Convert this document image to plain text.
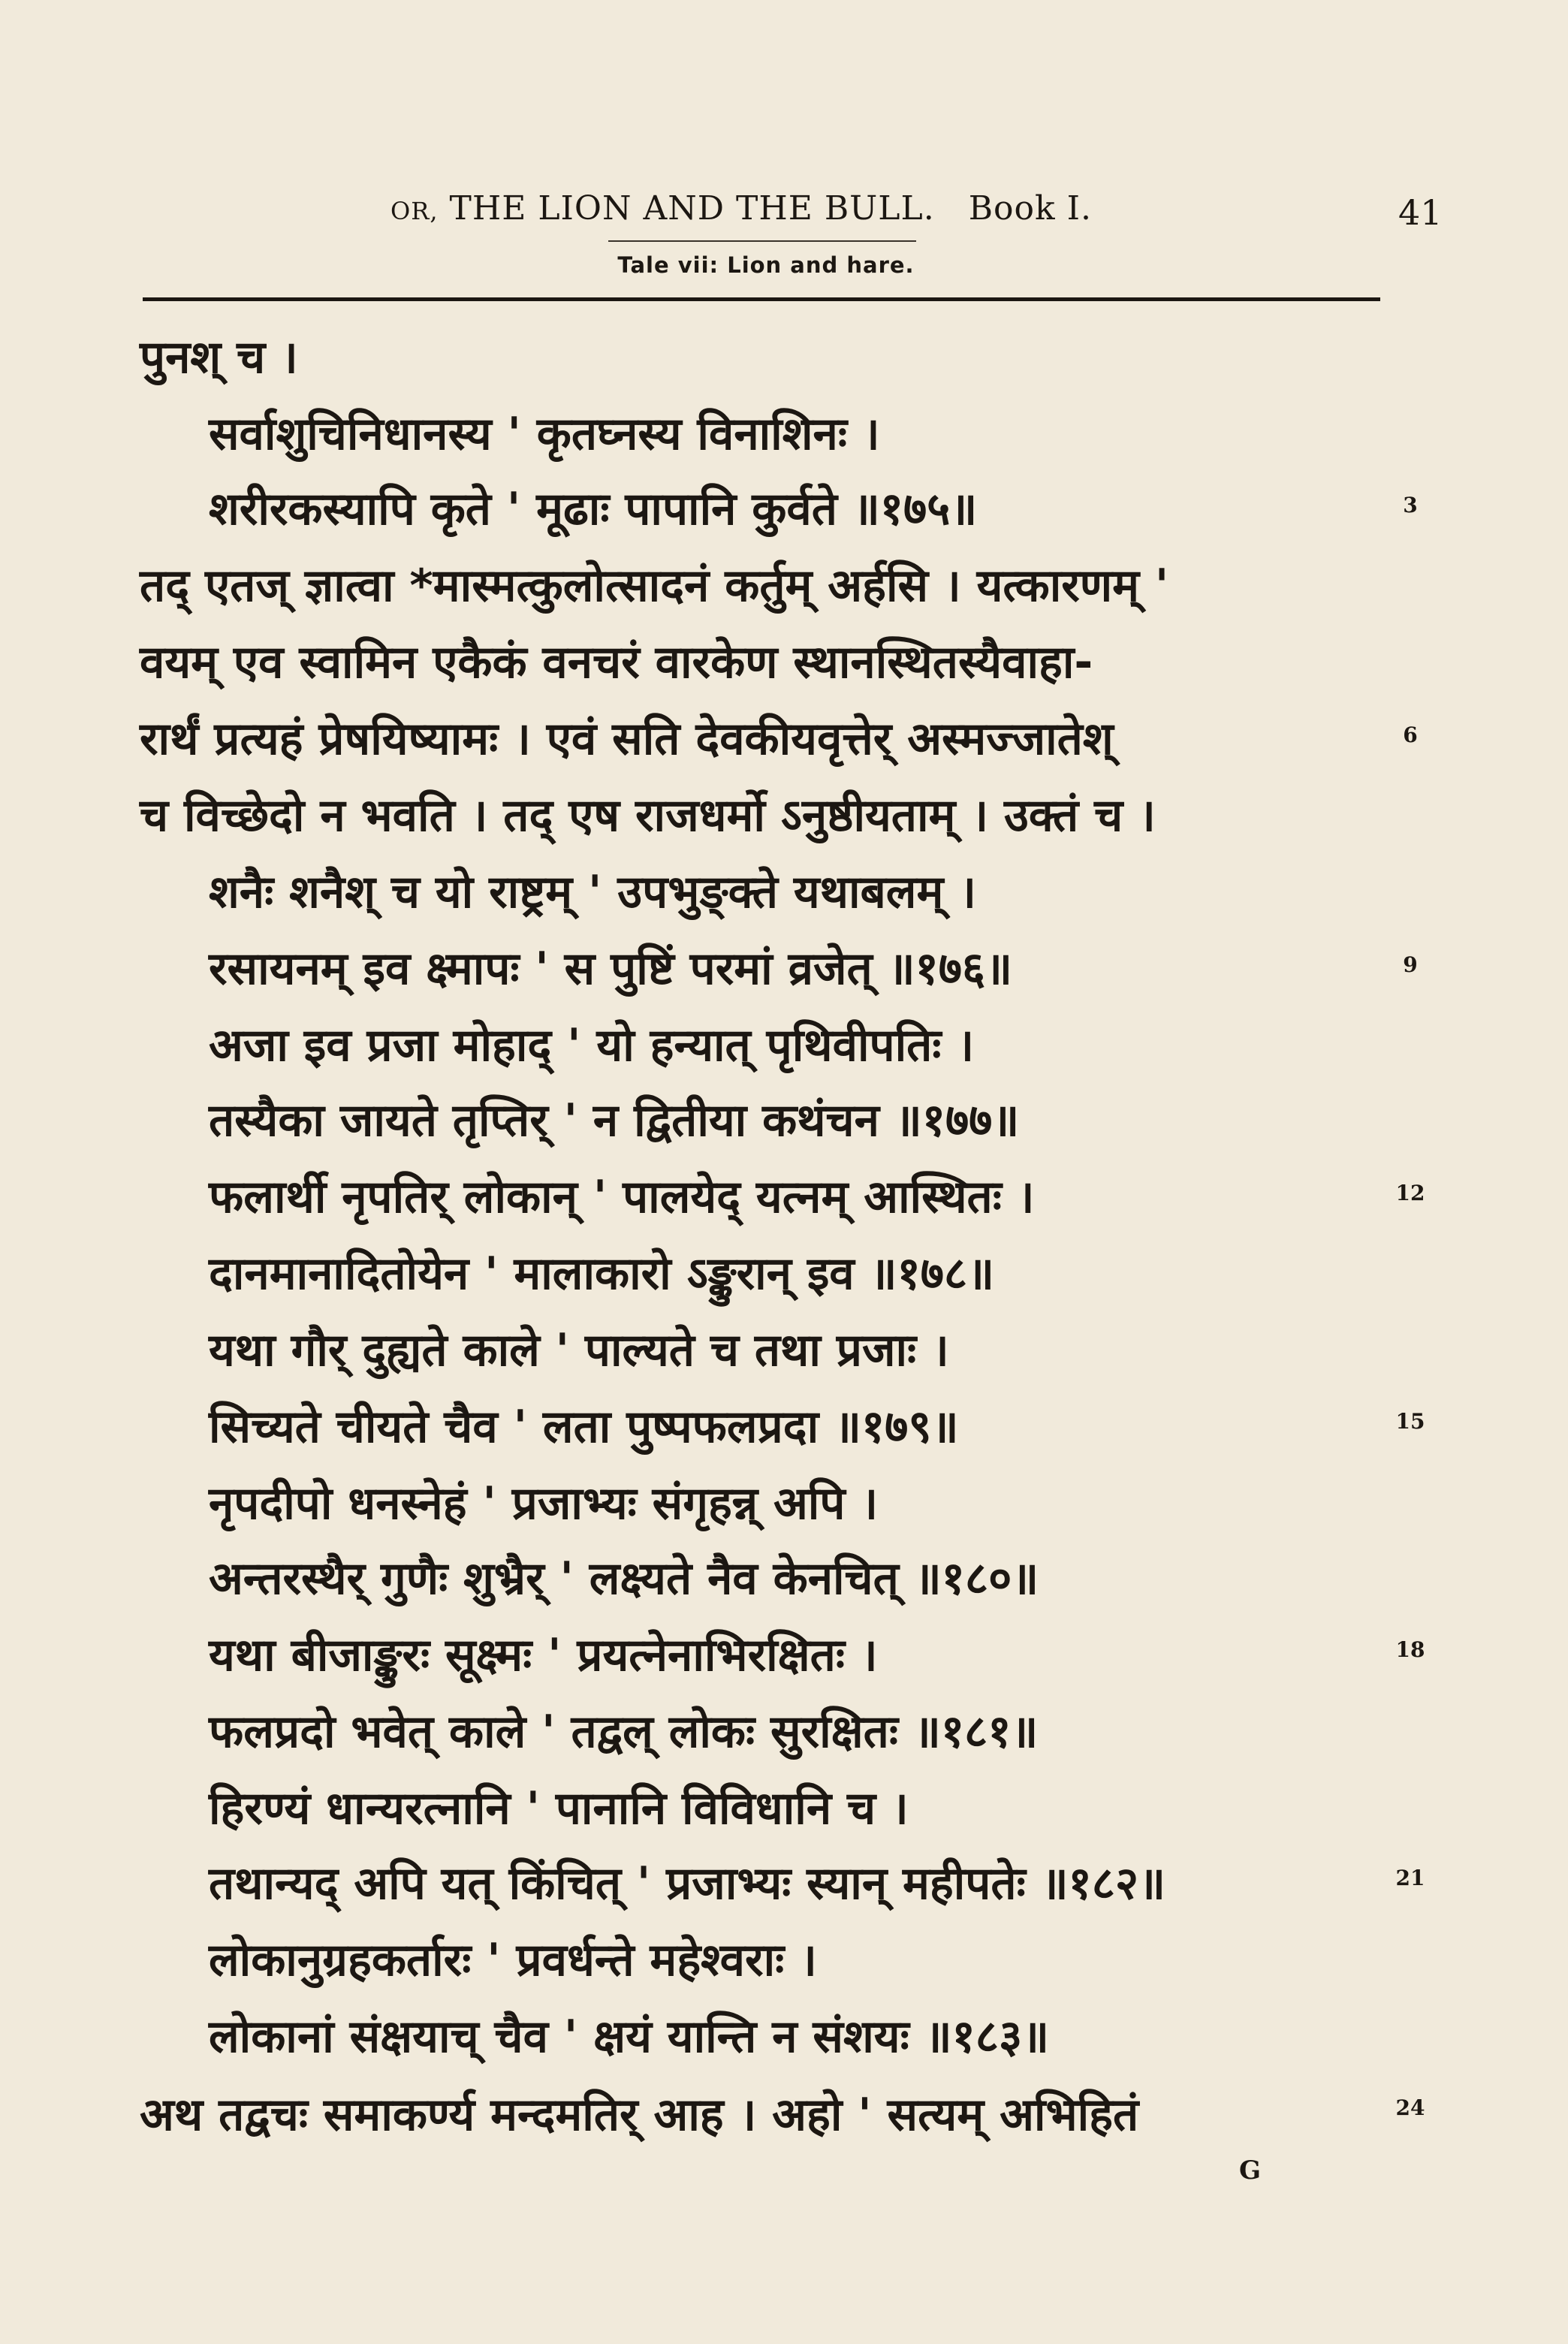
OR, THE LION AND THE BULL. Book I.	41
Tale vii: Lion and hare.
पुनश् च ।
सर्वाशुचिनिधानस्य ' कृतघ्नस्य विनाशिनः ।
शरीरकस्यापि कृते ' मूढाः पापानि कुर्वते ॥१७५॥
तद् एतज् ज्ञात्वा *मास्मत्कुलोत्सादनं कर्तुम् अर्हसि । यत्कारणम् '
वयम् एव स्वामिन एकैकं वनचरं वारकेण स्थानस्थितस्यैवाहा-
रार्थं प्रत्यहं प्रेषयिष्यामः । एवं सति देवकीयवृत्तेर् अस्मज्जातेश्
च विच्छेदो न भवति । तद् एष राजधर्मो ऽनुष्ठीयताम् । उक्तं च ।
शनैः शनैश् च यो राष्ट्रम् ' उपभुङ्क्ते यथाबलम् ।
रसायनम् इव क्ष्मापः ' स पुष्टिं परमां व्रजेत् ॥१७६॥
अजा इव प्रजा मोहाद् ' यो हन्यात् पृथिवीपतिः ।
तस्यैका जायते तृप्तिर् ' न द्वितीया कथंचन ॥१७७॥
फलार्थी नृपतिर् लोकान् ' पालयेद् यत्नम् आस्थितः ।
दानमानादितोयेन ' मालाकारो ऽङ्कुरान् इव ॥१७८॥
यथा गौर् दुह्यते काले ' पाल्यते च तथा प्रजाः ।
सिच्यते चीयते चैव ' लता पुष्पफलप्रदा ॥१७९॥
नृपदीपो धनस्नेहं ' प्रजाभ्यः संगृहन्न् अपि ।
अन्तरस्थैर् गुणैः शुभ्रैर् ' लक्ष्यते नैव केनचित् ॥१८०॥
यथा बीजाङ्कुरः सूक्ष्मः ' प्रयत्नेनाभिरक्षितः ।
फलप्रदो भवेत् काले ' तद्वल् लोकः सुरक्षितः ॥१८१॥
हिरण्यं धान्यरत्नानि ' पानानि विविधानि च ।
तथान्यद् अपि यत् किंचित् ' प्रजाभ्यः स्यान् महीपतेः ॥१८२॥
लोकानुग्रहकर्तारः ' प्रवर्धन्ते महेश्वराः ।
लोकानां संक्षयाच् चैव ' क्षयं यान्ति न संशयः ॥१८३॥
अथ तद्वचः समाकर्ण्य मन्दमतिर् आह । अहो ' सत्यम् अभिहितं
3
6
9
12
15
18
21
24
G
